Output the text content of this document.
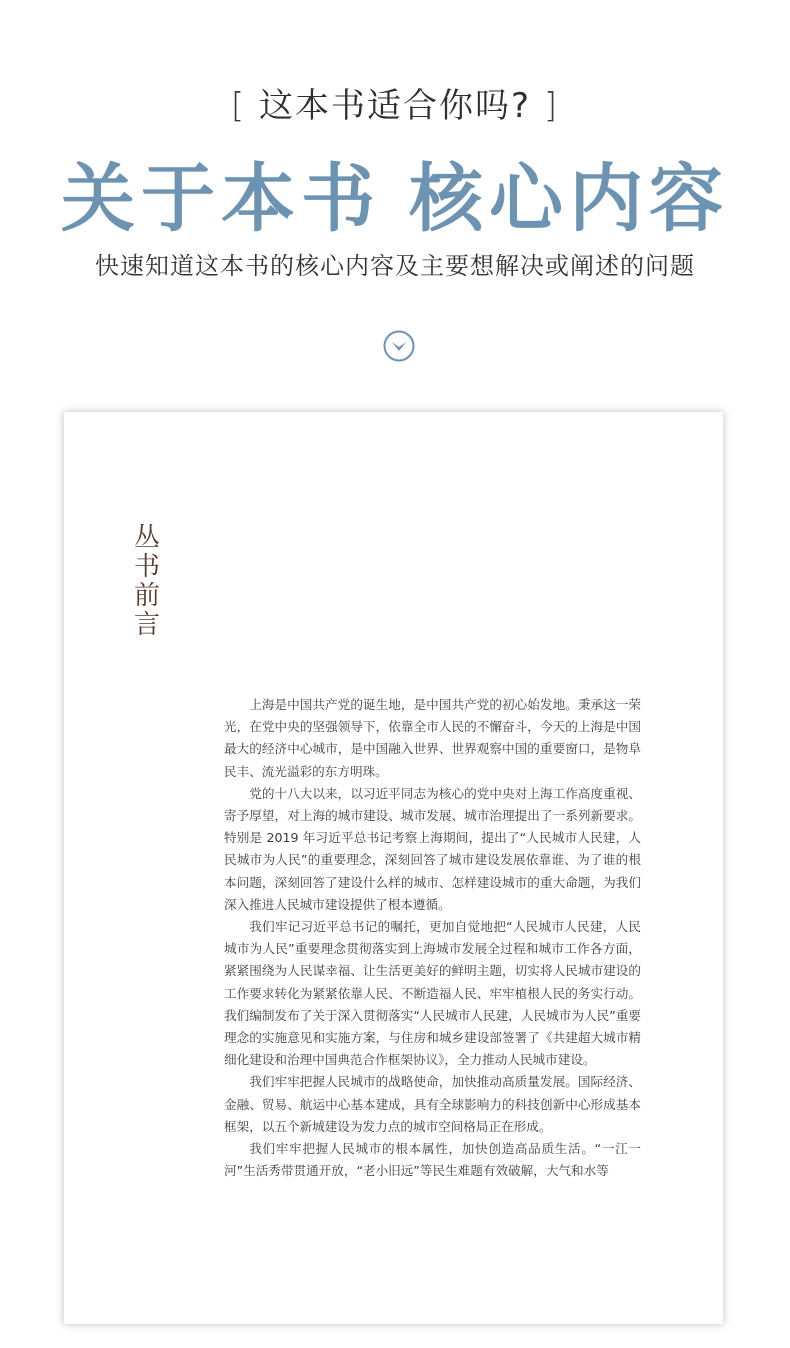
[ 这本书适合你吗? ]
关于本书 核心内容
快速知道这本书的核心内容及主要想解决或阐述的问题
丛书前言

上海是中国共产党的诞生地，是中国共产党的初心始发地。秉承这一荣光，在党中央的坚强领导下，依靠全市人民的不懈奋斗，今天的上海是中国最大的经济中心城市，是中国融入世界、世界观察中国的重要窗口，是物阜民丰、流光溢彩的东方明珠。

党的十八大以来，以习近平同志为核心的党中央对上海工作高度重视、寄予厚望，对上海的城市建设、城市发展、城市治理提出了一系列新要求。特别是 2019 年习近平总书记考察上海期间，提出了“人民城市人民建，人民城市为人民”的重要理念，深刻回答了城市建设发展依靠谁、为了谁的根本问题，深刻回答了建设什么样的城市、怎样建设城市的重大命题，为我们深入推进人民城市建设提供了根本遵循。

我们牢记习近平总书记的嘱托，更加自觉地把“人民城市人民建，人民城市为人民”重要理念贯彻落实到上海城市发展全过程和城市工作各方面，紧紧围绕为人民谋幸福、让生活更美好的鲜明主题，切实将人民城市建设的工作要求转化为紧紧依靠人民、不断造福人民、牢牢植根人民的务实行动。我们编制发布了关于深入贯彻落实“人民城市人民建，人民城市为人民”重要理念的实施意见和实施方案，与住房和城乡建设部签署了《共建超大城市精细化建设和治理中国典范合作框架协议》，全力推动人民城市建设。

我们牢牢把握人民城市的战略使命，加快推动高质量发展。国际经济、金融、贸易、航运中心基本建成，具有全球影响力的科技创新中心形成基本框架，以五个新城建设为发力点的城市空间格局正在形成。

我们牢牢把握人民城市的根本属性，加快创造高品质生活。“一江一河”生活秀带贯通开放，“老小旧远”等民生难题有效破解，大气和水等
